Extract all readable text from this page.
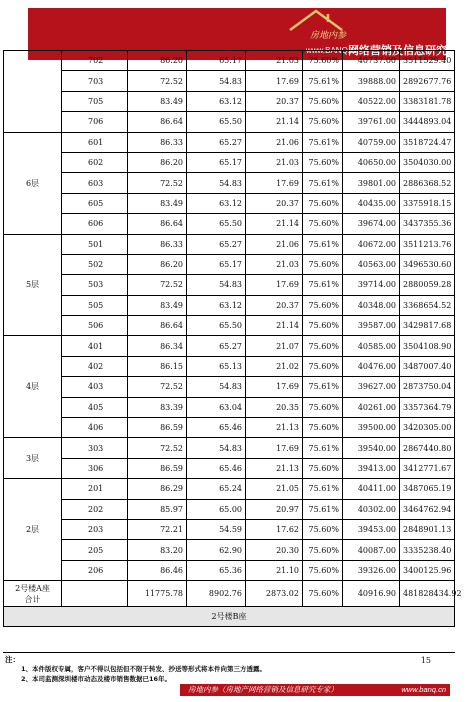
房地内参
www.BANQ.cn
网络营销及信息研究专家
	702	86.20	65.17	21.03	75.60%	40737.00	3511529.40
	703	72.52	54.83	17.69	75.61%	39888.00	2892677.76
	705	83.49	63.12	20.37	75.60%	40522.00	3383181.78
	706	86.64	65.50	21.14	75.60%	39761.00	3444893.04
6层	601	86.33	65.27	21.06	75.61%	40759.00	3518724.47
	602	86.20	65.17	21.03	75.60%	40650.00	3504030.00
	603	72.52	54.83	17.69	75.61%	39801.00	2886368.52
	605	83.49	63.12	20.37	75.60%	40435.00	3375918.15
	606	86.64	65.50	21.14	75.60%	39674.00	3437355.36
5层	501	86.33	65.27	21.06	75.61%	40672.00	3511213.76
	502	86.20	65.17	21.03	75.60%	40563.00	3496530.60
	503	72.52	54.83	17.69	75.61%	39714.00	2880059.28
	505	83.49	63.12	20.37	75.60%	40348.00	3368654.52
	506	86.64	65.50	21.14	75.60%	39587.00	3429817.68
4层	401	86.34	65.27	21.07	75.60%	40585.00	3504108.90
	402	86.15	65.13	21.02	75.60%	40476.00	3487007.40
	403	72.52	54.83	17.69	75.61%	39627.00	2873750.04
	405	83.39	63.04	20.35	75.60%	40261.00	3357364.79
	406	86.59	65.46	21.13	75.60%	39500.00	3420305.00
3层	303	72.52	54.83	17.69	75.61%	39540.00	2867440.80
	306	86.59	65.46	21.13	75.60%	39413.00	3412771.67
2层	201	86.29	65.24	21.05	75.61%	40411.00	3487065.19
	202	85.97	65.00	20.97	75.61%	40302.00	3464762.94
	203	72.21	54.59	17.62	75.60%	39453.00	2848901.13
	205	83.20	62.90	20.30	75.60%	40087.00	3335238.40
	206	86.46	65.36	21.10	75.60%	39326.00	3400125.96

2号楼A座
合计		11775.78	8902.76	2873.02	75.60%	40916.90	481828434.92
2号楼B座							
注：
1、本件版权专属，客户不得以包括但不限于转发、抄送等形式将本件向第三方透露。
2、本司监测深圳楼市动态及楼市销售数据已16年。
15
房地内参（房地产网络营销及信息研究专家）	www.banq.cn
